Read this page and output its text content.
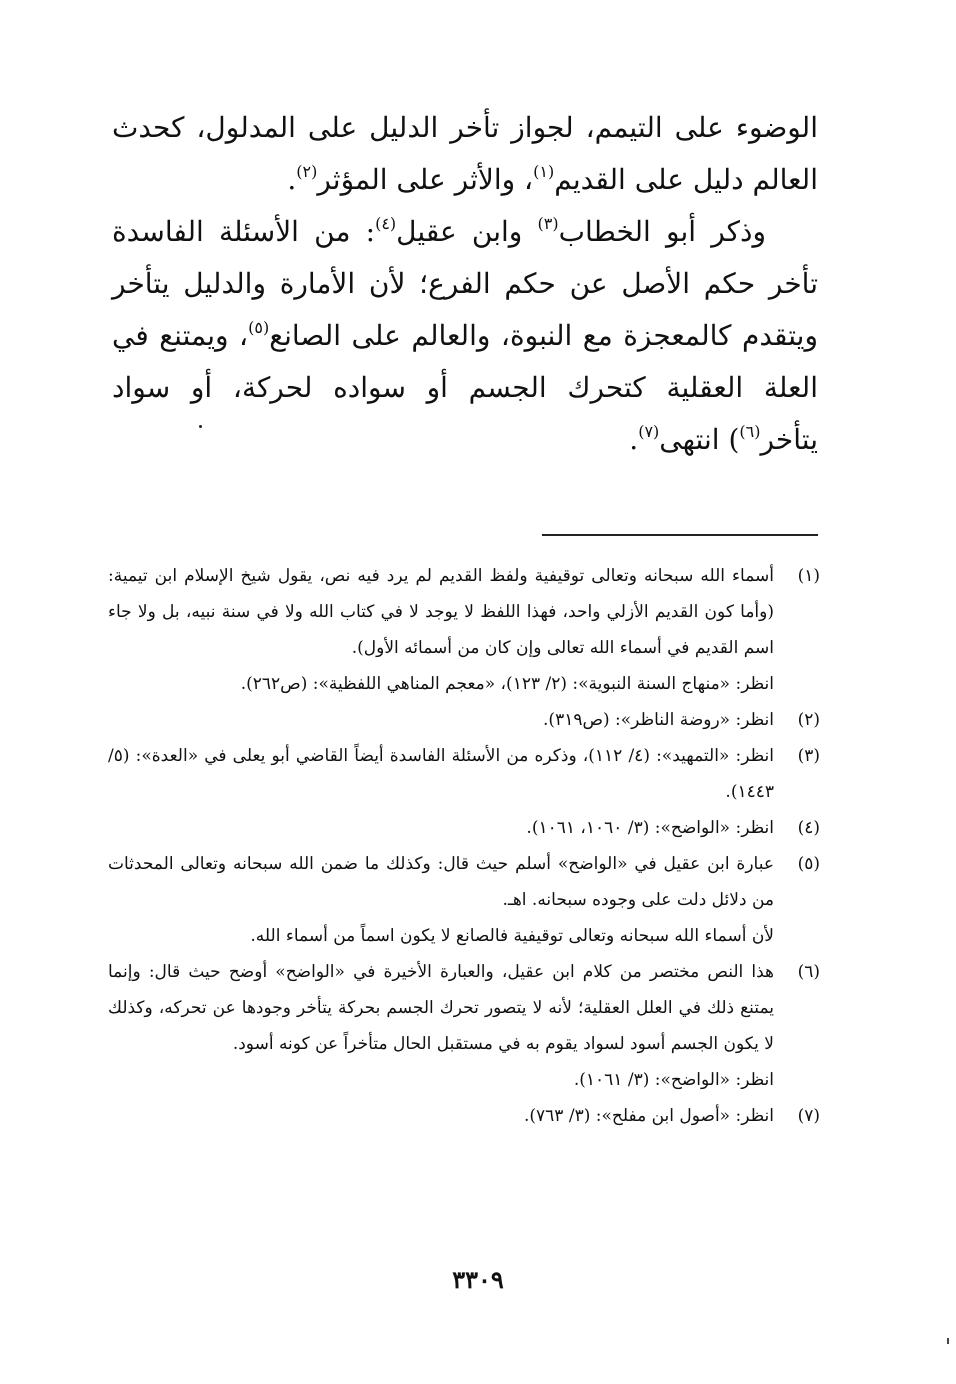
الوضوء على التيمم، لجواز تأخر الدليل على المدلول، كحدث العالم دليل على القديم$^{(١)}$، والأثر على المؤثر$^{(٢)}$.

وذكر أبو الخطاب$^{(٣)}$ وابن عقيل$^{(٤)}$: من الأسئلة الفاسدة تأخر حكم الأصل عن حكم الفرع؛ لأن الأمارة والدليل يتأخر ويتقدم كالمعجزة مع النبوة، والعالم على الصانع$^{(٥)}$، ويمتنع في العلة العقلية كتحرك الجسم أو سواده لحركة، أو سواد يتأخر$^{(٦)}$) انتهى$^{(٧)}$.

(١)
أسماء الله سبحانه وتعالى توقيفية ولفظ القديم لم يرد فيه نص، يقول شيخ الإسلام ابن تيمية: (وأما كون القديم الأزلي واحد، فهذا اللفظ لا يوجد لا في كتاب الله ولا في سنة نبيه، بل ولا جاء اسم القديم في أسماء الله تعالى وإن كان من أسمائه الأول).
انظر: «منهاج السنة النبوية»: (٢/ ١٢٣)، «معجم المناهي اللفظية»: (ص٢٦٢).
(٢)
انظر: «روضة الناظر»: (ص٣١٩).
(٣)
انظر: «التمهيد»: (٤/ ١١٢)، وذكره من الأسئلة الفاسدة أيضاً القاضي أبو يعلى في «العدة»: (٥/ ١٤٤٣).
(٤)
انظر: «الواضح»: (٣/ ١٠٦٠، ١٠٦١).
(٥)
عبارة ابن عقيل في «الواضح» أسلم حيث قال: وكذلك ما ضمن الله سبحانه وتعالى المحدثات من دلائل دلت على وجوده سبحانه. اهـ.
لأن أسماء الله سبحانه وتعالى توقيفية فالصانع لا يكون اسماً من أسماء الله.
(٦)
هذا النص مختصر من كلام ابن عقيل، والعبارة الأخيرة في «الواضح» أوضح حيث قال: وإنما يمتنع ذلك في العلل العقلية؛ لأنه لا يتصور تحرك الجسم بحركة يتأخر وجودها عن تحركه، وكذلك لا يكون الجسم أسود لسواد يقوم به في مستقبل الحال متأخراً عن كونه أسود.
انظر: «الواضح»: (٣/ ١٠٦١).
(٧)
انظر: «أصول ابن مفلح»: (٣/ ٧٦٣).
٣٣٠٩
